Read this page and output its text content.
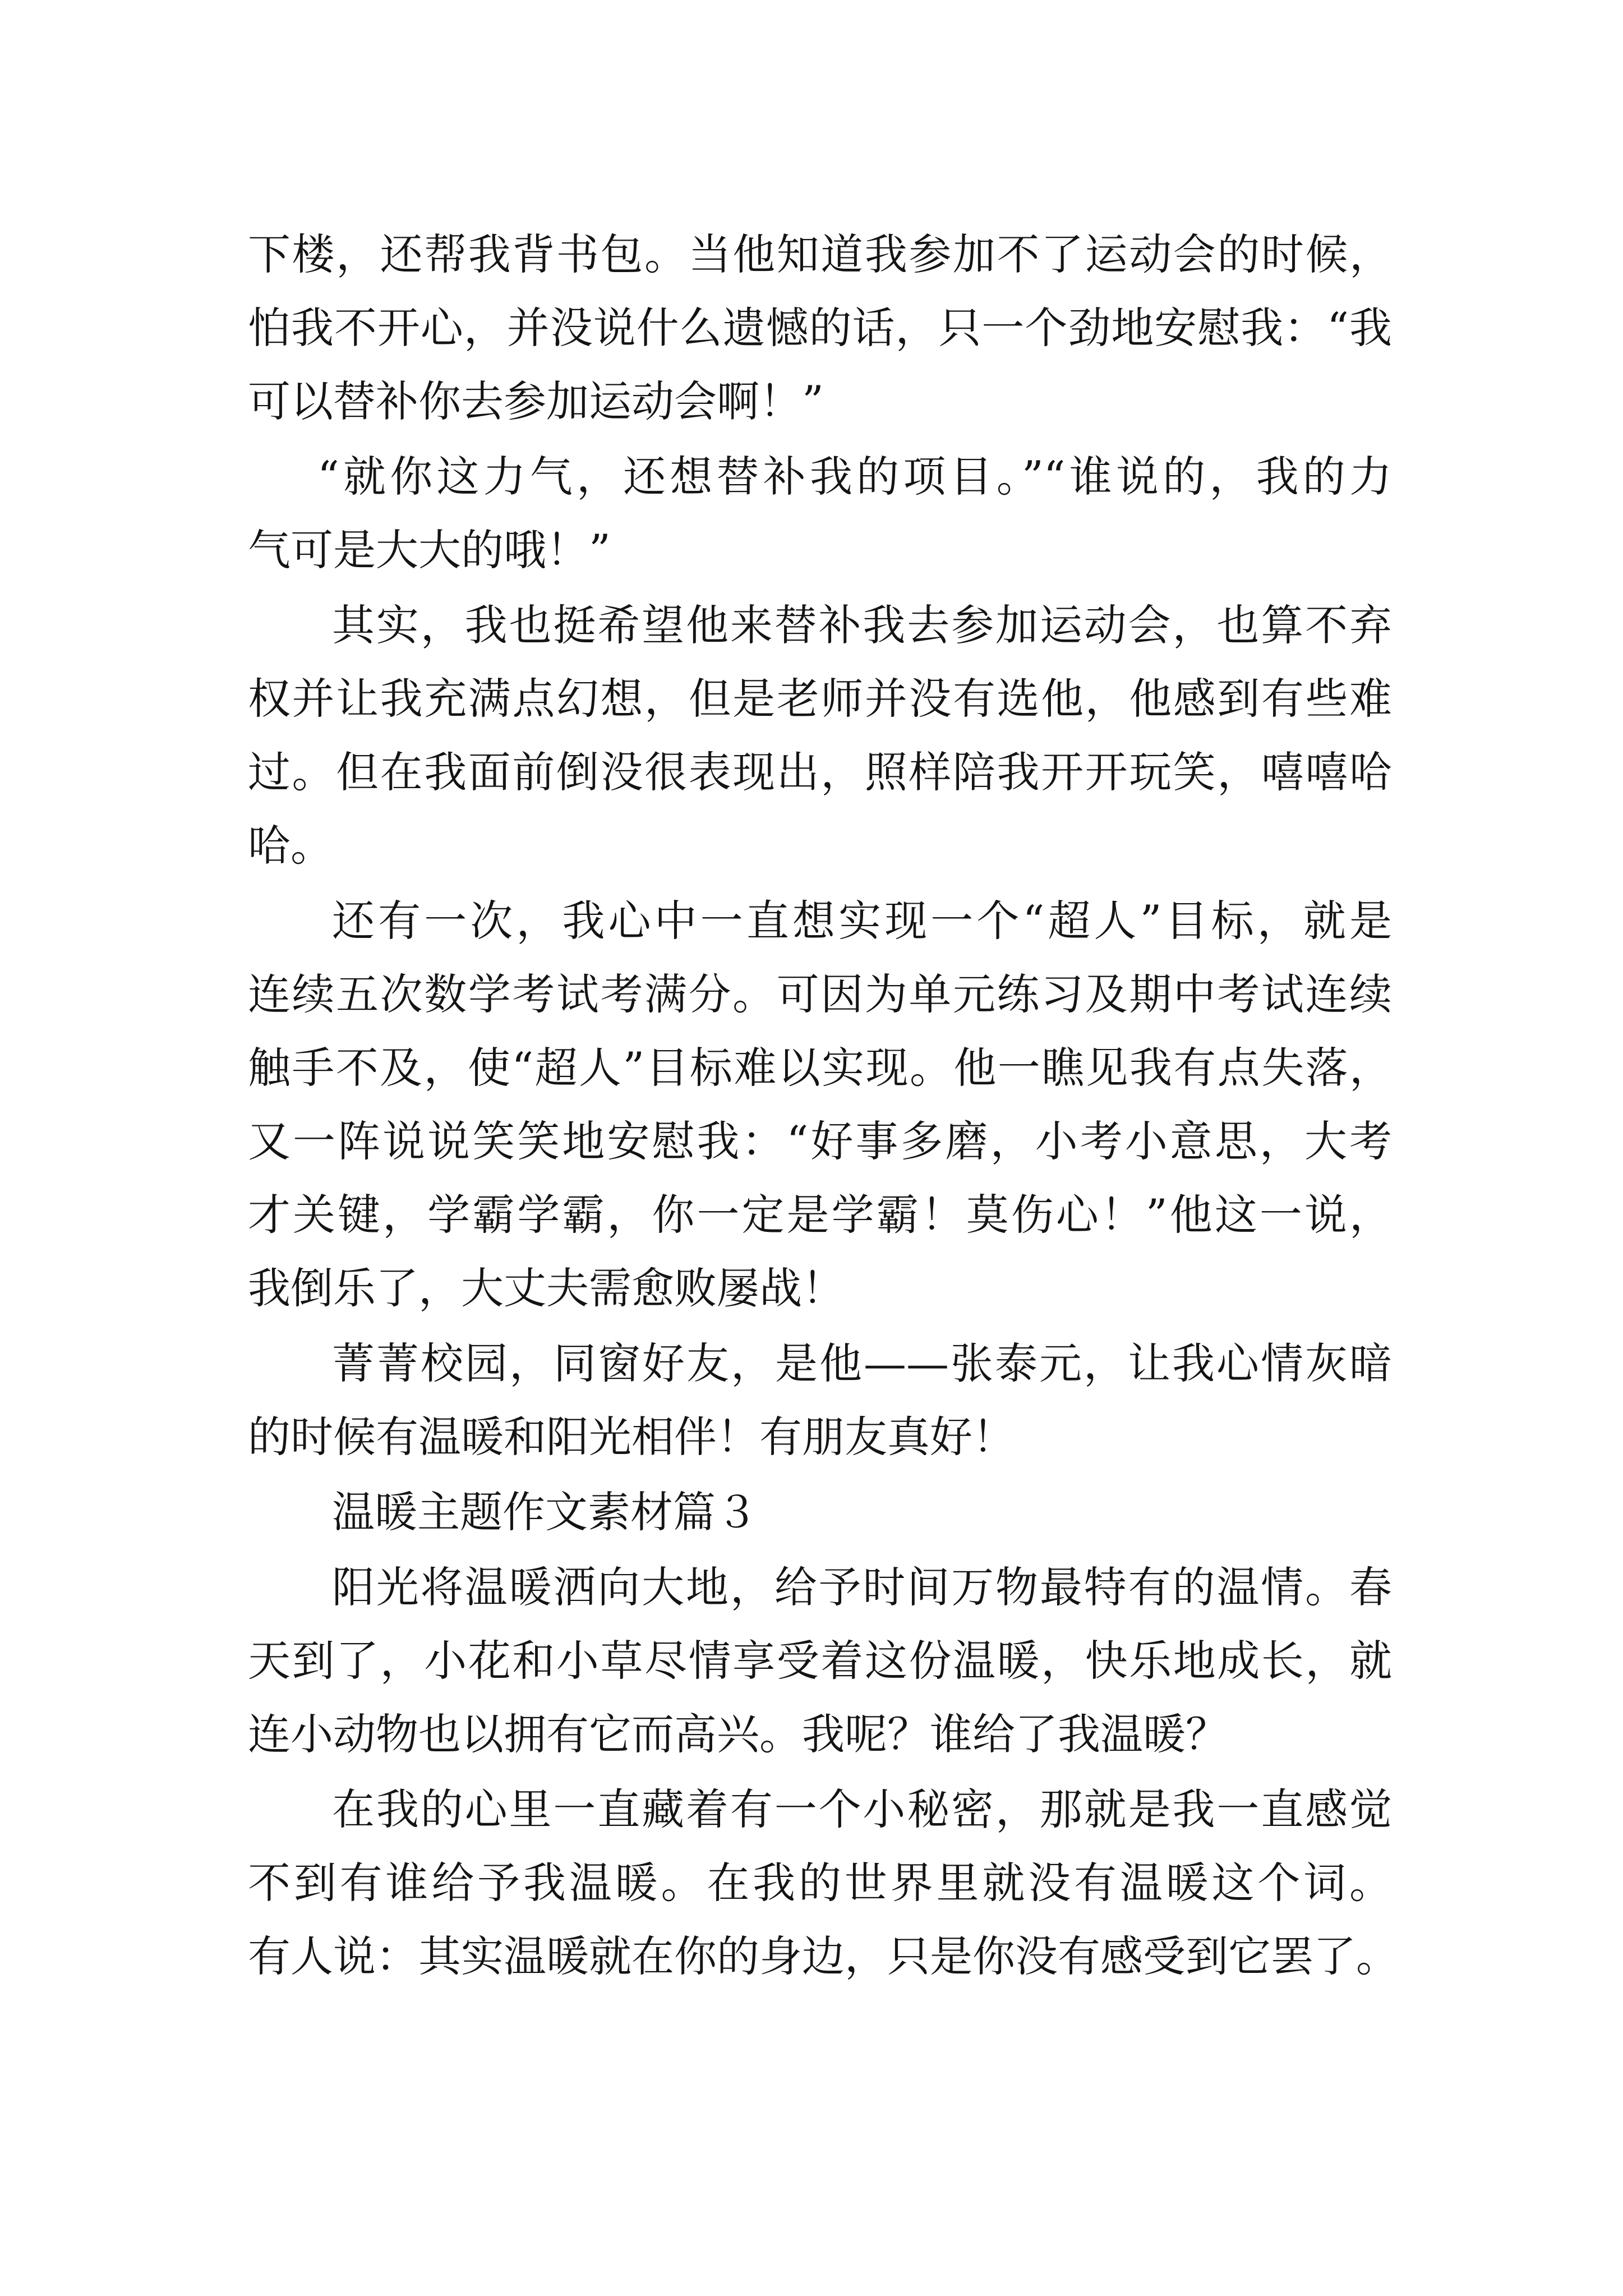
下楼，还帮我背书包。当他知道我参加不了运动会的时候，
怕我不开心，并没说什么遗憾的话，只一个劲地安慰我：“我
可以替补你去参加运动会啊！”
“就你这力气，还想替补我的项目。”“谁说的，我的力
气可是大大的哦！”
其实，我也挺希望他来替补我去参加运动会，也算不弃
权并让我充满点幻想，但是老师并没有选他，他感到有些难
过。但在我面前倒没很表现出，照样陪我开开玩笑，嘻嘻哈
哈。
还有一次，我心中一直想实现一个“超人”目标，就是
连续五次数学考试考满分。可因为单元练习及期中考试连续
触手不及，使“超人”目标难以实现。他一瞧见我有点失落，
又一阵说说笑笑地安慰我：“好事多磨，小考小意思，大考
才关键，学霸学霸，你一定是学霸！莫伤心！”他这一说，
我倒乐了，大丈夫需愈败屡战！
菁菁校园，同窗好友，是他——张泰元，让我心情灰暗
的时候有温暖和阳光相伴！有朋友真好！
温暖主题作文素材篇３
阳光将温暖洒向大地，给予时间万物最特有的温情。春
天到了，小花和小草尽情享受着这份温暖，快乐地成长，就
连小动物也以拥有它而高兴。我呢？谁给了我温暖？
在我的心里一直藏着有一个小秘密，那就是我一直感觉
不到有谁给予我温暖。在我的世界里就没有温暖这个词。
有人说：其实温暖就在你的身边，只是你没有感受到它罢了。
